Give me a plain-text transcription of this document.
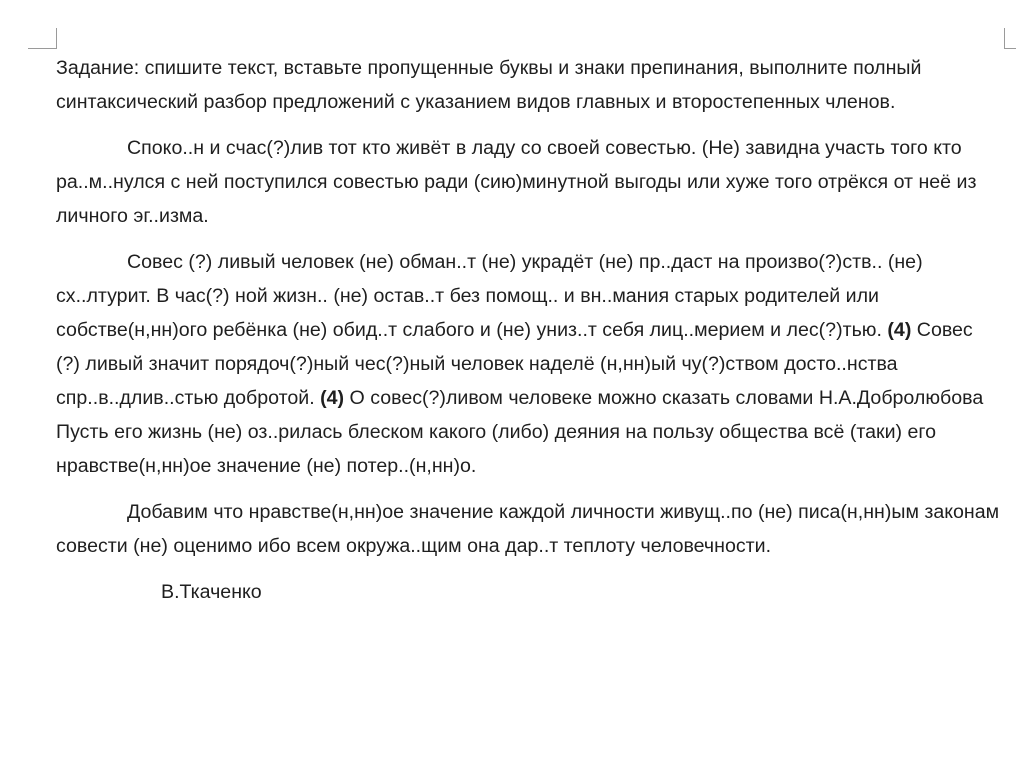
Задание: спишите текст, вставьте пропущенные буквы и знаки препинания, выполните полный синтаксический разбор предложений с указанием видов главных и второстепенных членов.

Споко..н и счас(?)лив тот кто живёт в ладу со своей совестью. (Не) завидна участь того кто ра..м..нулся с ней поступился совестью ради (сию)минутной выгоды или хуже того отрёкся от неё из личного эг..изма.

Совес (?) ливый человек (не) обман..т (не) украдёт (не) пр..даст на произво(?)ств.. (не) сх..лтурит. В час(?) ной жизн.. (не) остав..т без помощ.. и вн..мания старых родителей или собстве(н,нн)ого ребёнка (не) обид..т слабого и (не) униз..т себя лиц..мерием и лес(?)тью. (4) Совес (?) ливый значит порядоч(?)ный чес(?)ный человек наделё (н,нн)ый чу(?)ством досто..нства спр..в..длив..стью добротой. (4) О совес(?)ливом человеке можно сказать словами Н.А.Добролюбова Пусть его жизнь (не) оз..рилась блеском какого (либо) деяния на пользу общества всё (таки) его нравстве(н,нн)ое значение (не) потер..(н,нн)о.

Добавим что нравстве(н,нн)ое значение каждой личности живущ..по (не) писа(н,нн)ым законам совести (не) оценимо ибо всем окружа..щим она дар..т теплоту человечности.

В.Ткаченко
